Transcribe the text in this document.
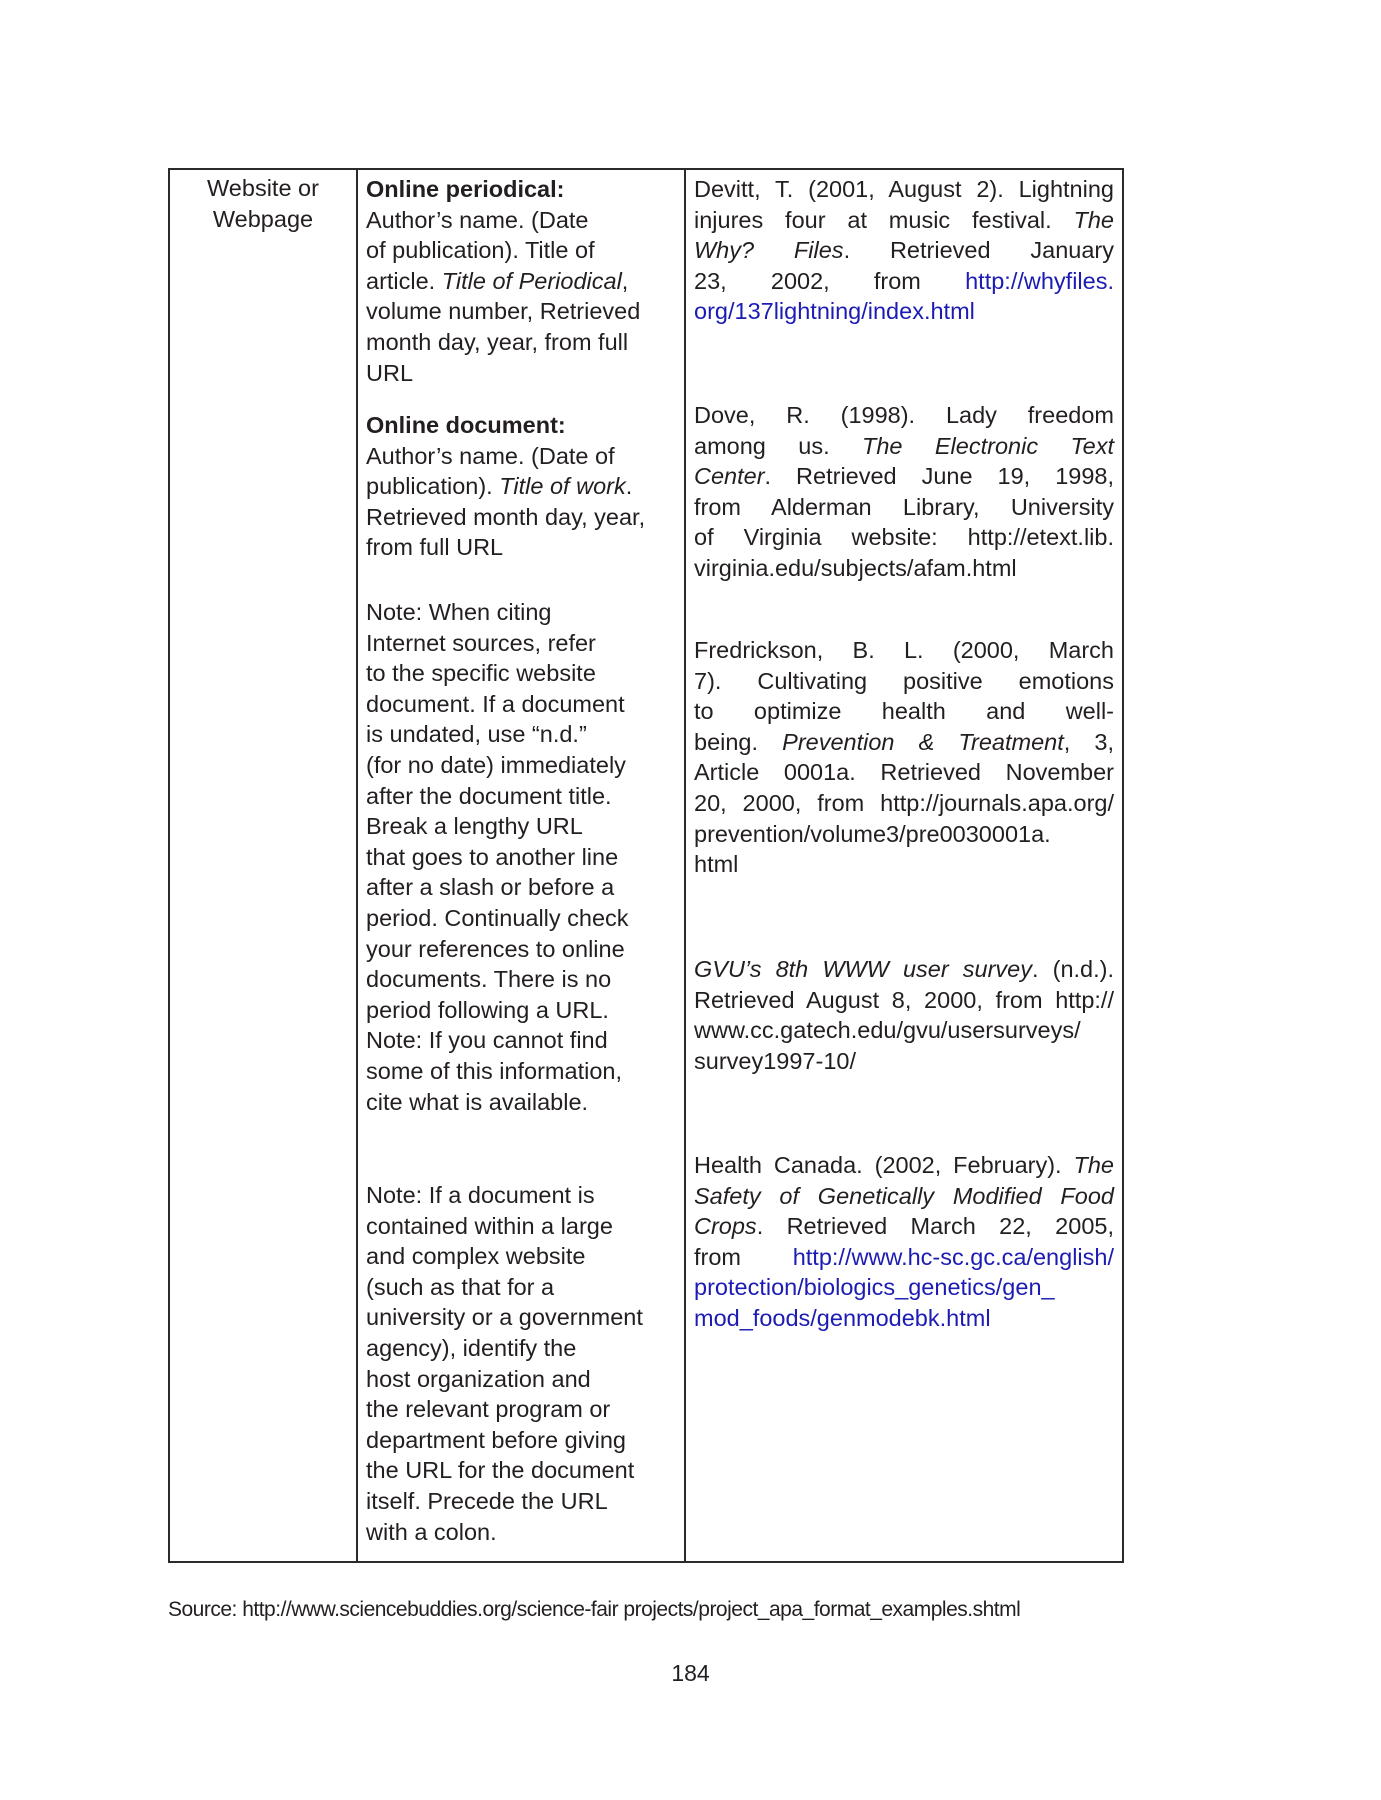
Website or
Webpage
Online periodical:
Author’s name. (Date
of publication). Title of
article. Title of Periodical,
volume number, Retrieved
month day, year, from full
URL
Online document:
Author’s name. (Date of
publication). Title of work.
Retrieved month day, year,
from full URL
Note: When citing
Internet sources, refer
to the specific website
document. If a document
is undated, use “n.d.”
(for no date) immediately
after the document title.
Break a lengthy URL
that goes to another line
after a slash or before a
period. Continually check
your references to online
documents. There is no
period following a URL.
Note: If you cannot find
some of this information,
cite what is available.
Note: If a document is
contained within a large
and complex website
(such as that for a
university or a government
agency), identify the
host organization and
the relevant program or
department before giving
the URL for the document
itself. Precede the URL
with a colon.
Devitt, T. (2001, August 2). Lightning
injures four at music festival. The
Why? Files. Retrieved January
23, 2002, from http://whyfiles.
org/137lightning/index.html
Dove, R. (1998). Lady freedom
among us. The Electronic Text
Center. Retrieved June 19, 1998,
from Alderman Library, University
of Virginia website: http://etext.lib.
virginia.edu/subjects/afam.html
Fredrickson, B. L. (2000, March
7). Cultivating positive emotions
to optimize health and well-
being. Prevention & Treatment, 3,
Article 0001a. Retrieved November
20, 2000, from http://journals.apa.org/
prevention/volume3/pre0030001a.
html
GVU’s 8th WWW user survey. (n.d.).
Retrieved August 8, 2000, from http://
www.cc.gatech.edu/gvu/usersurveys/
survey1997-10/
Health Canada. (2002, February). The
Safety of Genetically Modified Food
Crops. Retrieved March 22, 2005,
from http://www.hc-sc.gc.ca/english/
protection/biologics_genetics/gen_
mod_foods/genmodebk.html
Source: http://www.sciencebuddies.org/science-fair projects/project_apa_format_examples.shtml
184
